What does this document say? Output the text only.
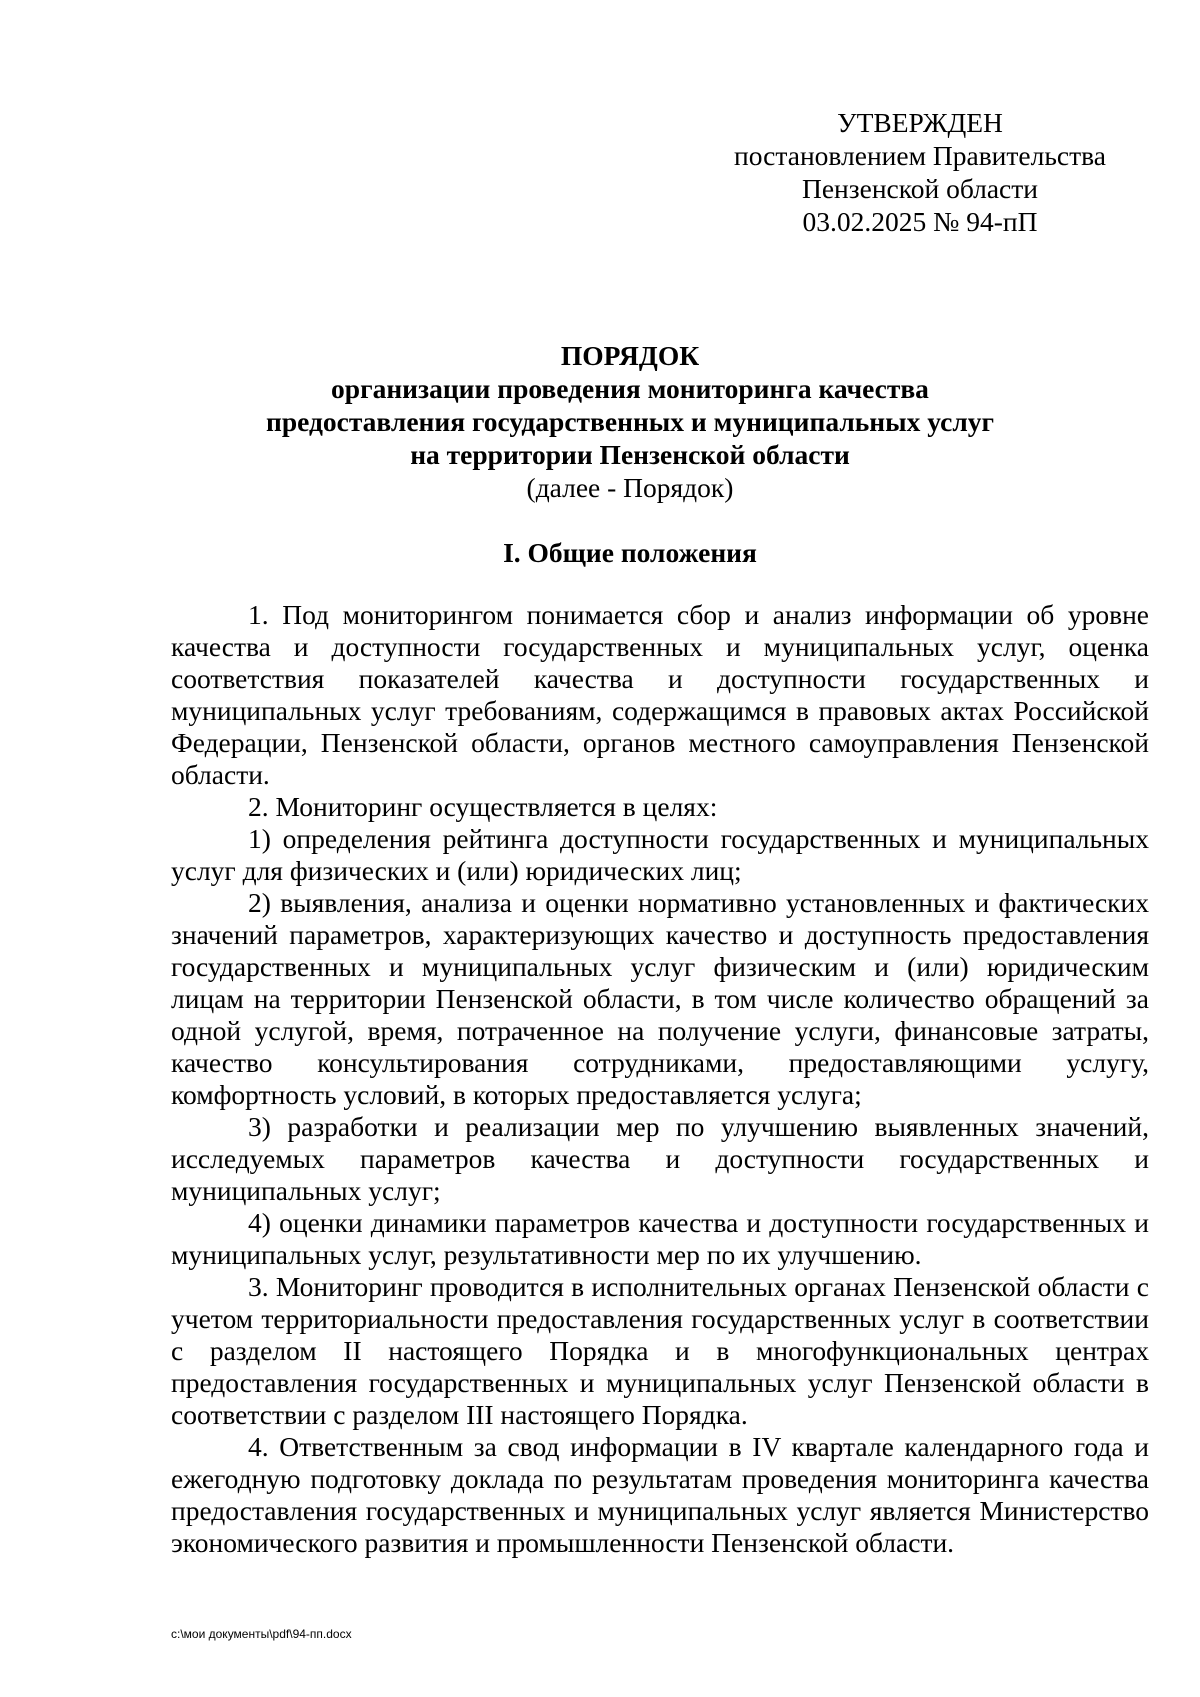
УТВЕРЖДЕН
постановлением Правительства
Пензенской области
03.02.2025 № 94-пП
ПОРЯДОК
организации проведения мониторинга качества
предоставления государственных и муниципальных услуг
на территории Пензенской области
(далее - Порядок)
I. Общие положения

1. Под мониторингом понимается сбор и анализ информации об уровне качества и доступности государственных и муниципальных услуг, оценка соответствия показателей качества и доступности государственных и муниципальных услуг требованиям, содержащимся в правовых актах Российской Федерации, Пензенской области, органов местного самоуправления Пензенской области.

2. Мониторинг осуществляется в целях:

1) определения рейтинга доступности государственных и муниципальных услуг для физических и (или) юридических лиц;

2) выявления, анализа и оценки нормативно установленных и фактических значений параметров, характеризующих качество и доступность предоставления государственных и муниципальных услуг физическим и (или) юридическим лицам на территории Пензенской области, в том числе количество обращений за одной услугой, время, потраченное на получение услуги, финансовые затраты, качество консультирования сотрудниками, предоставляющими услугу, комфортность условий, в которых предоставляется услуга;

3) разработки и реализации мер по улучшению выявленных значений, исследуемых параметров качества и доступности государственных и муниципальных услуг;

4) оценки динамики параметров качества и доступности государственных и муниципальных услуг, результативности мер по их улучшению.

3. Мониторинг проводится в исполнительных органах Пензенской области с учетом территориальности предоставления государственных услуг в соответствии с разделом II настоящего Порядка и в многофункциональных центрах предоставления государственных и муниципальных услуг Пензенской области в соответствии с разделом III настоящего Порядка.

4. Ответственным за свод информации в IV квартале календарного года и ежегодную подготовку доклада по результатам проведения мониторинга качества предоставления государственных и муниципальных услуг является Министерство экономического развития и промышленности Пензенской области.

c:\мои документы\pdf\94-пп.docx
